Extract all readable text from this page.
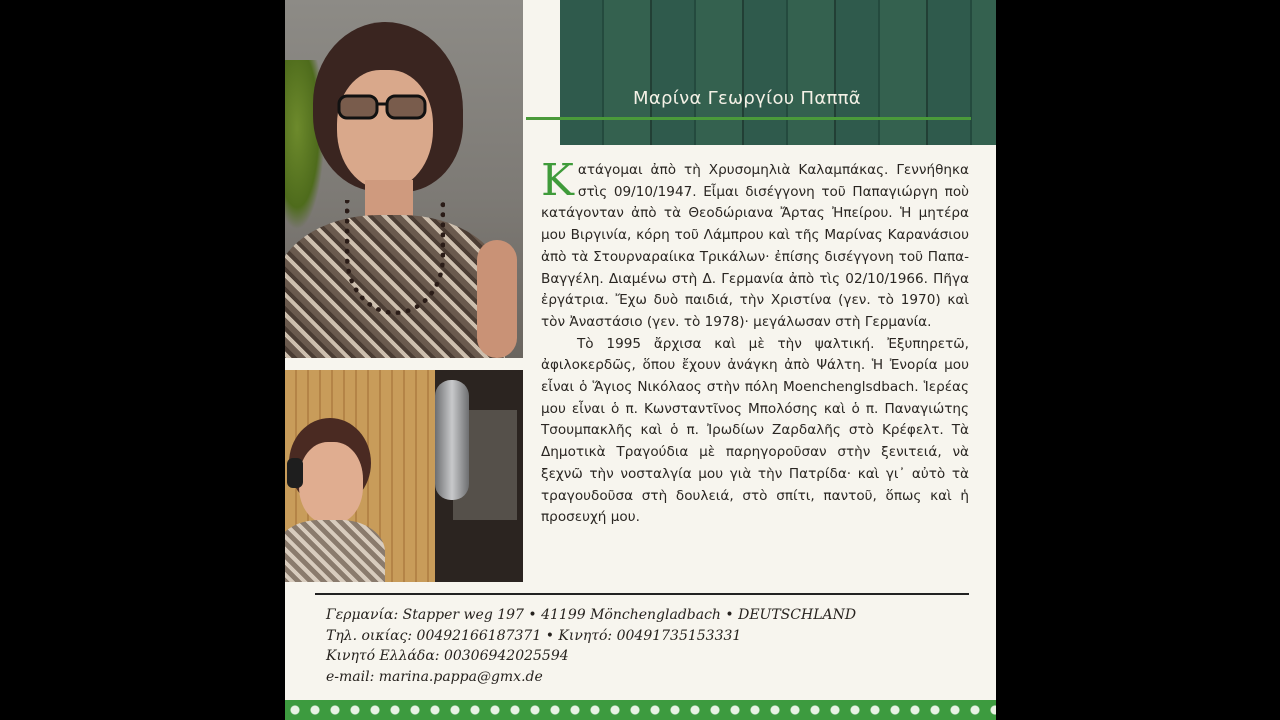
Μαρίνα Γεωργίου Παππᾶ

Κατάγομαι ἀπὸ τὴ Χρυσομηλιὰ Καλαμπάκας. Γεννήθηκα στὶς 09/10/1947. Εἶμαι δισέγγονη τοῦ Παπαγιώργη ποὺ κατάγονταν ἀπὸ τὰ Θεοδώριανα Ἄρτας Ἠπείρου. Ἡ μητέρα μου Βιργινία, κόρη τοῦ Λάμπρου καὶ τῆς Μαρίνας Καρανάσιου ἀπὸ τὰ Στουρναραίικα Τρικάλων· ἐπίσης δισέγγονη τοῦ Παπα-Βαγγέλη. Διαμένω στὴ Δ. Γερμανία ἀπὸ τὶς 02/10/1966. Πῆγα ἐργάτρια. Ἔχω δυὸ παιδιά, τὴν Χριστίνα (γεν. τὸ 1970) καὶ τὸν Ἀναστάσιο (γεν. τὸ 1978)· μεγάλωσαν στὴ Γερμανία.

Τὸ 1995 ἄρχισα καὶ μὲ τὴν ψαλτική. Ἐξυπηρετῶ, ἀφιλοκερδῶς, ὅπου ἔχουν ἀνάγκη ἀπὸ Ψάλτη. Ἡ Ἐνορία μου εἶναι ὁ Ἅγιος Νικόλαος στὴν πόλη Moenchenglsdbach. Ἱερέας μου εἶναι ὁ π. Κωνσταντῖνος Μπολόσης καὶ ὁ π. Παναγιώτης Τσουμπακλῆς καὶ ὁ π. Ἰρωδίων Ζαρδαλῆς στὸ Κρέφελτ. Τὰ Δημοτικὰ Τραγούδια μὲ παρηγοροῦσαν στὴν ξενιτειά, νὰ ξεχνῶ τὴν νοσταλγία μου γιὰ τὴν Πατρίδα· καὶ γι᾽ αὐτὸ τὰ τραγουδοῦσα στὴ δουλειά, στὸ σπίτι, παντοῦ, ὅπως καὶ ἡ προσευχή μου.

Γερμανία: Stapper weg 197 • 41199 Mönchengladbach • DEUTSCHLAND
Τηλ. οικίας: 00492166187371 • Κινητό: 00491735153331
Κινητό Ελλάδα: 00306942025594
e-mail: marina.pappa@gmx.de
